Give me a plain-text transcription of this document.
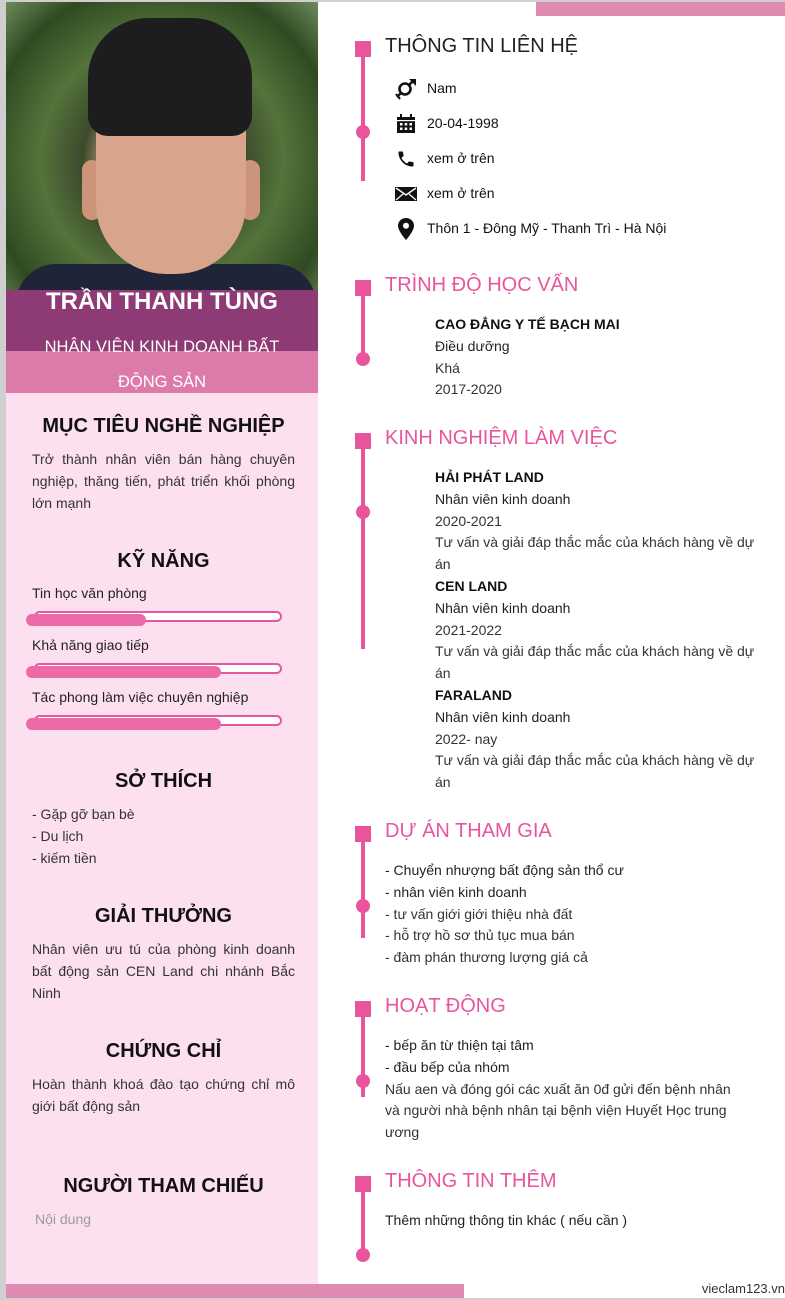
TRẦN THANH TÙNG
NHÂN VIÊN KINH DOANH BẤT ĐỘNG SẢN
MỤC TIÊU NGHỀ NGHIỆP
Trở thành nhân viên bán hàng chuyên nghiệp, thăng tiến, phát triển khối phòng lớn mạnh
KỸ NĂNG
Tin học văn phòng
Khả năng giao tiếp
Tác phong làm việc chuyên nghiệp
SỞ THÍCH
- Gặp gỡ bạn bè
- Du lịch
- kiếm tiền
GIẢI THƯỞNG
Nhân viên ưu tú của phòng kinh doanh bất động sản CEN Land chi nhánh Bắc Ninh
CHỨNG CHỈ
Hoàn thành khoá đào tạo chứng chỉ mô giới bất động sản
NGƯỜI THAM CHIẾU
Nội dung
THÔNG TIN LIÊN HỆ
Nam
20-04-1998
xem ở trên
xem ở trên
Thôn 1 - Đông Mỹ - Thanh Trì - Hà Nội
TRÌNH ĐỘ HỌC VẤN
CAO ĐẲNG Y TẾ BẠCH MAI
Điều dưỡng
Khá
2017-2020
KINH NGHIỆM LÀM VIỆC
HẢI PHÁT LAND
Nhân viên kinh doanh
2020-2021
Tư vấn và giải đáp thắc mắc của khách hàng về dự án
CEN LAND
Nhân viên kinh doanh
2021-2022
Tư vấn và giải đáp thắc mắc của khách hàng về dự án
FARALAND
Nhân viên kinh doanh
2022- nay
Tư vấn và giải đáp thắc mắc của khách hàng về dự án
DỰ ÁN THAM GIA
- Chuyển nhượng bất động sản thổ cư
- nhân viên kinh doanh
- tư vấn giới giới thiệu nhà đất
- hỗ trợ hồ sơ thủ tục mua bán
- đàm phán thương lượng giá cả
HOẠT ĐỘNG
- bếp ăn từ thiện tại tâm
- đầu bếp của nhóm
Nấu aen và đóng gói các xuất ăn 0đ gửi đến bệnh nhân và người nhà bệnh nhân tại bệnh viện Huyết Học trung ương
THÔNG TIN THÊM
Thêm những thông tin khác ( nếu cần )
vieclam123.vn
